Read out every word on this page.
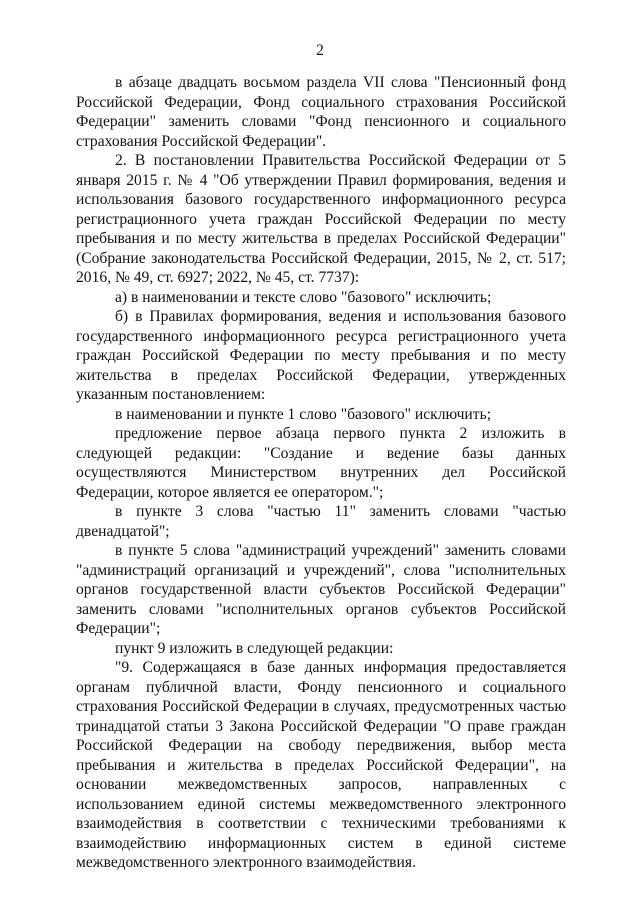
2

в абзаце двадцать восьмом раздела VII слова "Пенсионный фонд Российской Федерации, Фонд социального страхования Российской Федерации" заменить словами "Фонд пенсионного и социального страхования Российской Федерации".

2. В постановлении Правительства Российской Федерации от 5 января 2015 г. № 4 "Об утверждении Правил формирования, ведения и использования базового государственного информационного ресурса регистрационного учета граждан Российской Федерации по месту пребывания и по месту жительства в пределах Российской Федерации" (Собрание законодательства Российской Федерации, 2015, № 2, ст. 517; 2016, № 49, ст. 6927; 2022, № 45, ст. 7737):

а) в наименовании и тексте слово "базового" исключить;

б) в Правилах формирования, ведения и использования базового государственного информационного ресурса регистрационного учета граждан Российской Федерации по месту пребывания и по месту жительства в пределах Российской Федерации, утвержденных указанным постановлением:

в наименовании и пункте 1 слово "базового" исключить;

предложение первое абзаца первого пункта 2 изложить в следующей редакции: "Создание и ведение базы данных осуществляются Министерством внутренних дел Российской Федерации, которое является ее оператором.";

в пункте 3 слова "частью 11" заменить словами "частью двенадцатой";

в пункте 5 слова "администраций учреждений" заменить словами "администраций организаций и учреждений", слова "исполнительных органов государственной власти субъектов Российской Федерации" заменить словами "исполнительных органов субъектов Российской Федерации";

пункт 9 изложить в следующей редакции:

"9. Содержащаяся в базе данных информация предоставляется органам публичной власти, Фонду пенсионного и социального страхования Российской Федерации в случаях, предусмотренных частью тринадцатой статьи 3 Закона Российской Федерации "О праве граждан Российской Федерации на свободу передвижения, выбор места пребывания и жительства в пределах Российской Федерации", на основании межведомственных запросов, направленных с использованием единой системы межведомственного электронного взаимодействия в соответствии с техническими требованиями к взаимодействию информационных систем в единой системе межведомственного электронного взаимодействия.
